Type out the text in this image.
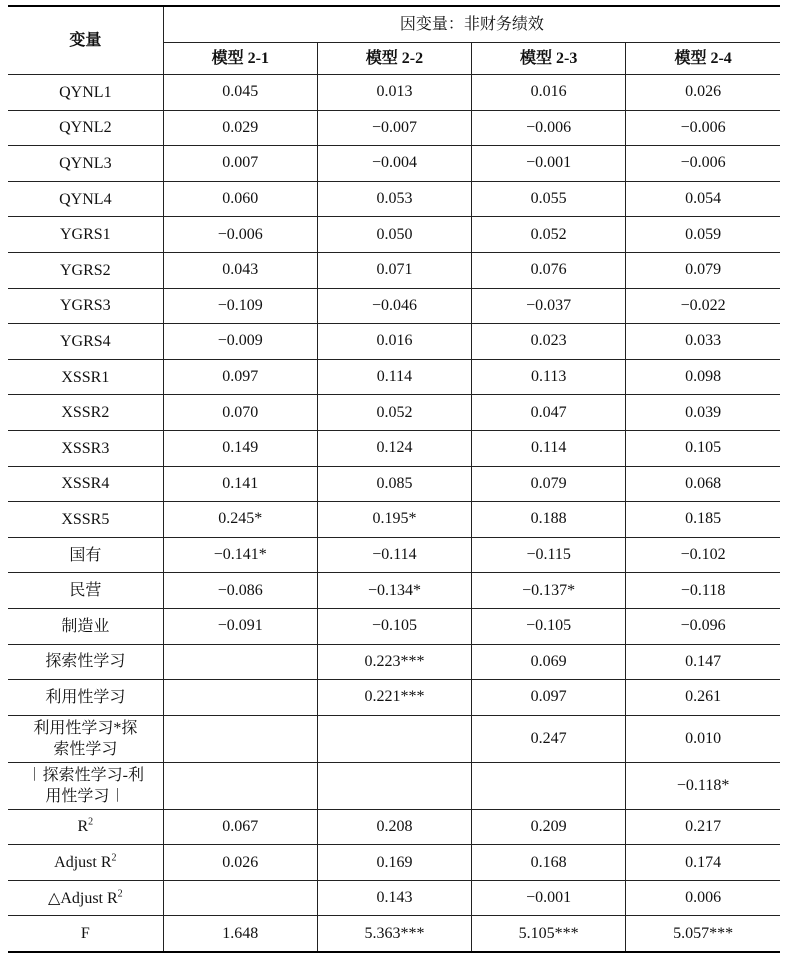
变量	因变量：非财务绩效			
	模型 2-1	模型 2-2	模型 2-3	模型 2-4
QYNL1	0.045	0.013	0.016	0.026
QYNL2	0.029	−0.007	−0.006	−0.006
QYNL3	0.007	−0.004	−0.001	−0.006
QYNL4	0.060	0.053	0.055	0.054
YGRS1	−0.006	0.050	0.052	0.059
YGRS2	0.043	0.071	0.076	0.079
YGRS3	−0.109	−0.046	−0.037	−0.022
YGRS4	−0.009	0.016	0.023	0.033
XSSR1	0.097	0.114	0.113	0.098
XSSR2	0.070	0.052	0.047	0.039
XSSR3	0.149	0.124	0.114	0.105
XSSR4	0.141	0.085	0.079	0.068
XSSR5	0.245*	0.195*	0.188	0.185
国有	−0.141*	−0.114	−0.115	−0.102
民营	−0.086	−0.134*	−0.137*	−0.118
制造业	−0.091	−0.105	−0.105	−0.096
探索性学习		0.223***	0.069	0.147
利用性学习		0.221***	0.097	0.261
利用性学习*探
索性学习			0.247	0.010
︱探索性学习-利
用性学习︱				−0.118*
$R^2$	0.067	0.208	0.209	0.217
Adjust $R^2$	0.026	0.169	0.168	0.174
△Adjust $R^2$		0.143	−0.001	0.006
F	1.648	5.363***	5.105***	5.057***
